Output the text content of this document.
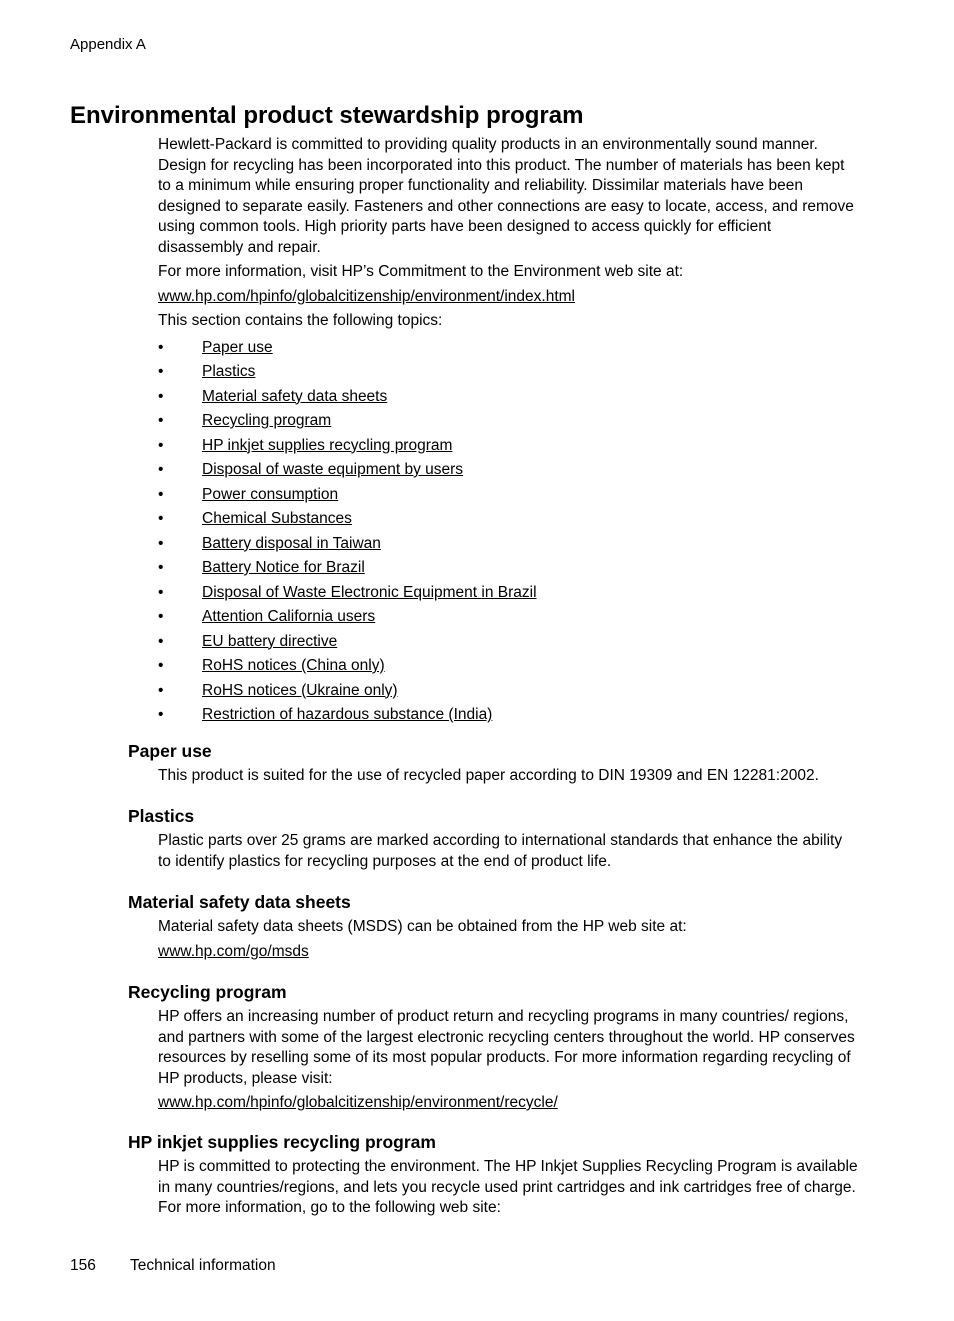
Appendix A
Environmental product stewardship program

Hewlett-Packard is committed to providing quality products in an environmentally sound manner. Design for recycling has been incorporated into this product. The number of materials has been kept to a minimum while ensuring proper functionality and reliability. Dissimilar materials have been designed to separate easily. Fasteners and other connections are easy to locate, access, and remove using common tools. High priority parts have been designed to access quickly for efficient disassembly and repair.

For more information, visit HP’s Commitment to the Environment web site at:

www.hp.com/hpinfo/globalcitizenship/environment/index.html

This section contains the following topics:

• Paper use
• Plastics
• Material safety data sheets
• Recycling program
• HP inkjet supplies recycling program
• Disposal of waste equipment by users
• Power consumption
• Chemical Substances
• Battery disposal in Taiwan
• Battery Notice for Brazil
• Disposal of Waste Electronic Equipment in Brazil
• Attention California users
• EU battery directive
• RoHS notices (China only)
• RoHS notices (Ukraine only)
• Restriction of hazardous substance (India)
Paper use

This product is suited for the use of recycled paper according to DIN 19309 and EN 12281:2002.

Plastics

Plastic parts over 25 grams are marked according to international standards that enhance the ability to identify plastics for recycling purposes at the end of product life.

Material safety data sheets

Material safety data sheets (MSDS) can be obtained from the HP web site at:

www.hp.com/go/msds

Recycling program

HP offers an increasing number of product return and recycling programs in many countries/ regions, and partners with some of the largest electronic recycling centers throughout the world. HP conserves resources by reselling some of its most popular products. For more information regarding recycling of HP products, please visit:

www.hp.com/hpinfo/globalcitizenship/environment/recycle/

HP inkjet supplies recycling program

HP is committed to protecting the environment. The HP Inkjet Supplies Recycling Program is available in many countries/regions, and lets you recycle used print cartridges and ink cartridges free of charge. For more information, go to the following web site:

156 Technical information
